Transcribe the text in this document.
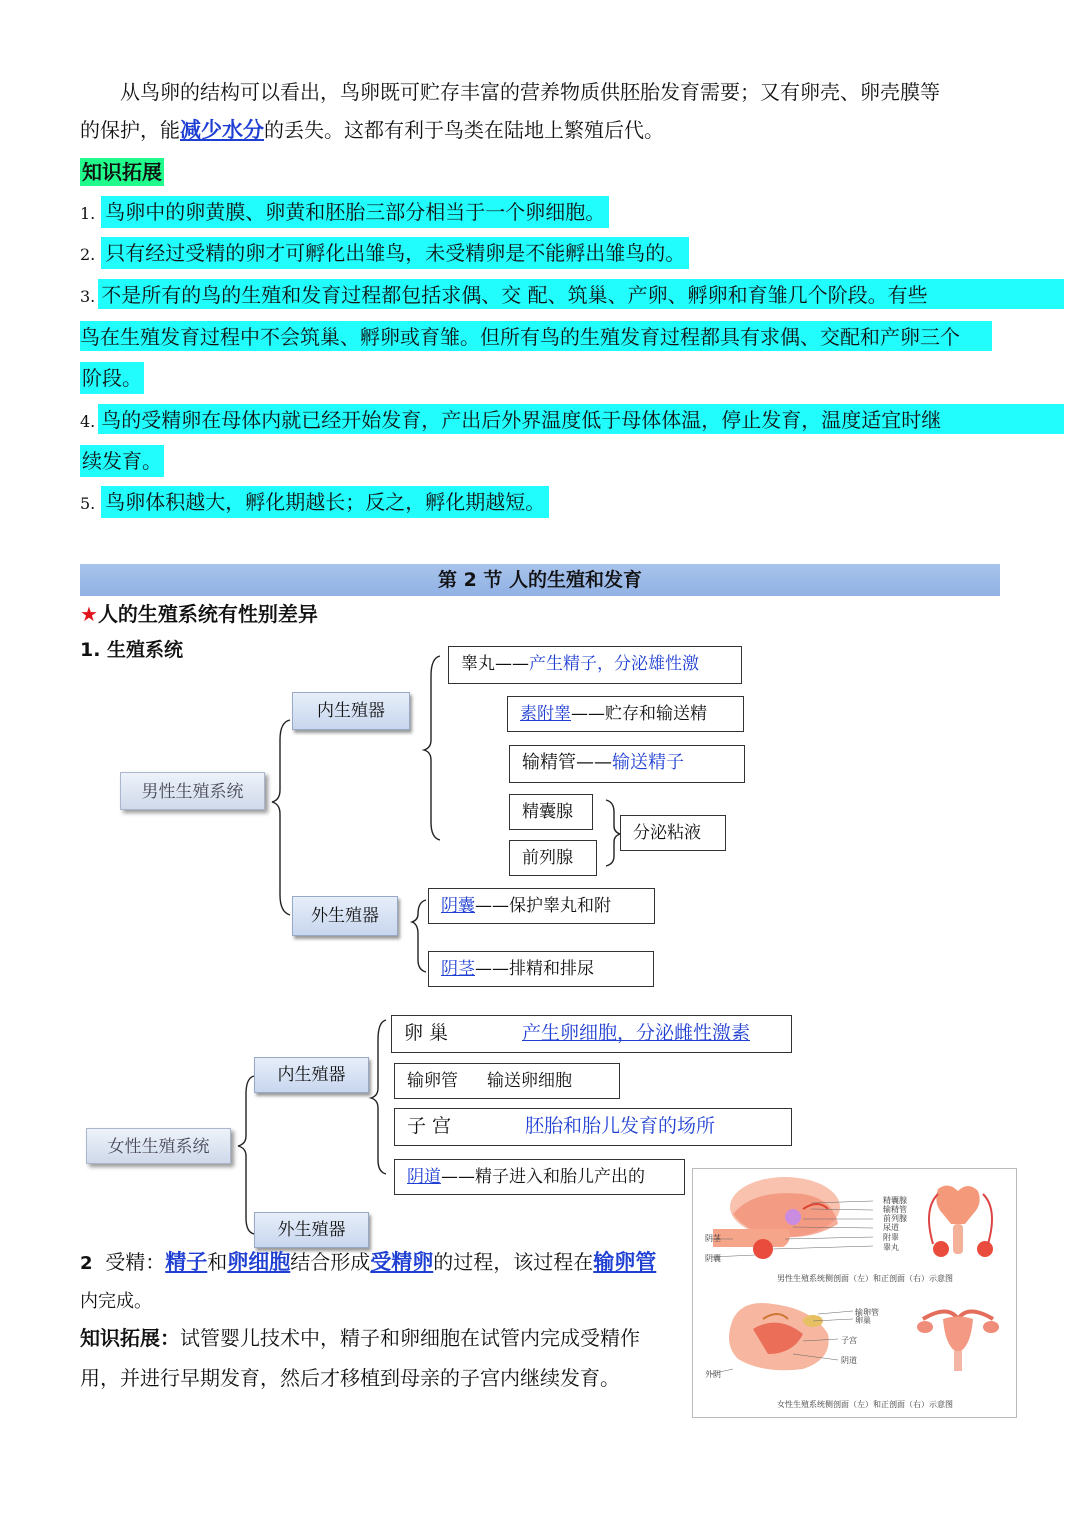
从鸟卵的结构可以看出，鸟卵既可贮存丰富的营养物质供胚胎发育需要；又有卵壳、卵壳膜等
的保护，能减少水分的丢失。这都有利于鸟类在陆地上繁殖后代。
知识拓展
1. 鸟卵中的卵黄膜、卵黄和胚胎三部分相当于一个卵细胞。
2. 只有经过受精的卵才可孵化出雏鸟，未受精卵是不能孵出雏鸟的。
3. 不是所有的鸟的生殖和发育过程都包括求偶、交 配、筑巢、产卵、孵卵和育雏几个阶段。有些
鸟在生殖发育过程中不会筑巢、孵卵或育雏。但所有鸟的生殖发育过程都具有求偶、交配和产卵三个
阶段。
4. 鸟的受精卵在母体内就已经开始发育，产出后外界温度低于母体体温，停止发育，温度适宜时继
续发育。
5. 鸟卵体积越大，孵化期越长；反之，孵化期越短。
第 2 节 人的生殖和发育
★人的生殖系统有性别差异
1. 生殖系统
男性生殖系统
内生殖器
外生殖器
睾丸——产生精子，分泌雄性激
素附睾——贮存和输送精
输精管——输送精子
精囊腺
前列腺
分泌粘液
阴囊——保护睾丸和附
阴茎——排精和排尿
女性生殖系统
内生殖器
外生殖器
卵 巢	产生卵细胞，分泌雌性激素
输卵管 输送卵细胞
子 宫	胚胎和胎儿发育的场所
阴道——精子进入和胎儿产出的
2 受精：精子和卵细胞结合形成受精卵的过程，该过程在输卵管
内完成。
知识拓展：试管婴儿技术中，精子和卵细胞在试管内完成受精作
用，并进行早期发育，然后才移植到母亲的子宫内继续发育。
精囊腺
输精管
前列腺
尿道
附睾
睾丸
阴茎
阴囊
男性生殖系统侧剖面（左）和正剖面（右）示意图
输卵管
卵巢
子宫
阴道
外阴
女性生殖系统侧剖面（左）和正剖面（右）示意图
